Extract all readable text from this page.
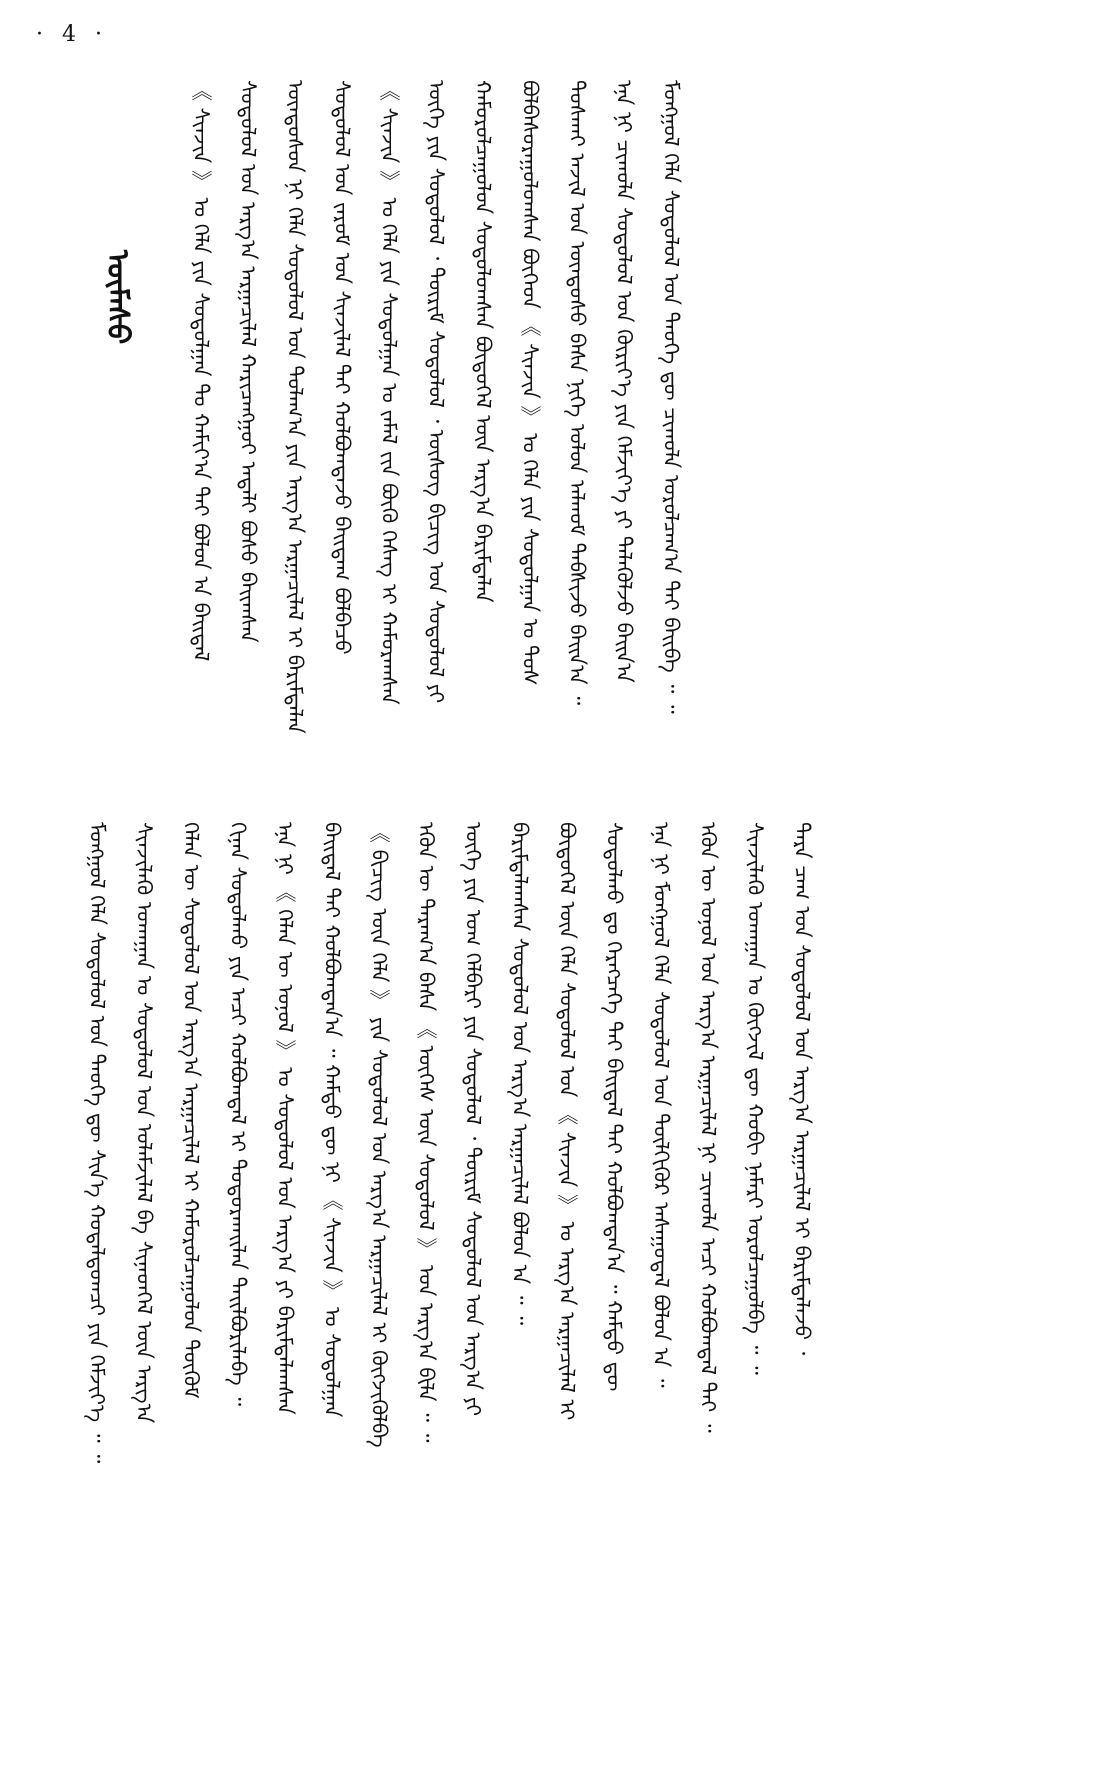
· 4 ·
ᠥᠮᠡᠰᠦ	《 ᠰᠢᠨᠵᠢᠨ 》 ᠤ ᠬᠡᠯᠡ ᠶᠢᠨ ᠰᠤᠳᠤᠯᠭᠠᠨ ᠲᠤ ᠬᠠᠮᠢᠶ᠎ᠠ ᠲᠠᠢ ᠪᠤᠯᠤᠨ ᠠ ᠪᠠᠢᠳᠠᠯ	ᠰᠤᠳᠤᠯᠤᠯ ᠤᠨ ᠠᠷᠭ᠎ᠠ ᠠᠷᠭᠠᠴᠢᠯᠠᠯ ᠬᠠᠷᠢᠴᠠᠩᠭᠤᠢ ᠠᠳᠠᠯᠢ ᠪᠤᠰᠤ ᠪᠠᠢᠭᠰᠠᠨ	ᠥᠨᠳᠦᠰᠦᠨ ᠨᠢ ᠬᠡᠯᠡ ᠰᠤᠳᠤᠯᠤᠯ ᠤᠨ ᠲᠤᠯᠠᠭ᠎ᠠ ᠶᠢᠨ ᠠᠷᠭ᠎ᠠ ᠠᠷᠭᠠᠴᠢᠯᠠᠯ ᠢ ᠪᠠᠷᠢᠮᠲᠠᠯᠠᠨ	ᠰᠤᠳᠤᠯᠤᠯ ᠤᠨ ᠵᠠᠷᠤᠮ ᠤᠨ ᠰᠢᠨᠵᠢᠯᠡᠯ ᠲᠡᠢ ᠬᠣᠯᠪᠤᠭᠳᠠᠵᠤ ᠪᠠᠢᠳᠠᠭ ᠪᠣᠯᠪᠠᠴᠤ	《 ᠰᠢᠨᠵᠢᠨ 》 ᠤ ᠬᠡᠯᠡ ᠶᠢᠨ ᠰᠤᠳᠤᠯᠭᠠᠨ ᠤ ᠵᠠᠮᠠᠯ ᠵᠢᠨ ᠪᠦᠬᠦ ᠬᠡᠰᠡᠭ ᠢ ᠬᠠᠮᠤᠷᠠᠭᠰᠠᠨ	ᠦᠭᠡ ᠶᠢᠨ ᠰᠤᠳᠤᠯᠤᠯ ᠂ ᠳᠦᠷᠢᠮ ᠰᠤᠳᠤᠯᠤᠯ ᠂ ᠦᠰᠦᠭ ᠪᠢᠴᠢᠭ ᠤᠨ ᠰᠤᠳᠤᠯᠤᠯ ᠶᠢ	ᠬᠠᠮᠤᠷᠤᠯᠴᠠᠭᠤᠯᠤᠨ ᠰᠤᠳᠤᠯᠤᠭᠰᠠᠨ ᠪᠦᠲᠦᠭᠡᠯ ᠦᠨ ᠠᠷᠭ᠎ᠠ ᠪᠠᠷᠢᠮᠲᠠᠯᠠᠨ	ᠪᠣᠯᠪᠠᠰᠤᠷᠠᠭᠤᠯᠤᠭᠰᠠᠨ ᠪᠦᠭᠡᠳ 《 ᠰᠢᠨᠵᠢᠨ 》 ᠤ ᠬᠡᠯᠡ ᠶᠢᠨ ᠰᠤᠳᠤᠯᠭᠠᠨ ᠤ ᠲᠤᠰ	ᠲᠤᠰᠬᠠᠢ ᠠᠵᠢᠯ ᠤᠨ ᠥᠨᠳᠦᠰᠦ ᠪᠠᠰᠠ ᠨᠢᠭᠡ ᠤᠯᠤᠨ ᠠᠯᠬᠤᠮ ᠳᠡᠪᠰᠢᠵᠦ ᠪᠠᠢᠨ᠎ᠠ ᠃	ᠡᠨᠡ ᠨᠢ ᠴᠢᠬᠤᠯᠠ ᠰᠤᠳᠤᠯᠤᠯ ᠤᠨ ᠬᠦᠷᠢᠶ᠎ᠡ ᠶᠢᠨ ᠬᠡᠮᠵᠢᠶ᠎ᠡ ᠶᠢ ᠲᠡᠯᠡᠭᠦᠯᠵᠦ ᠪᠠᠢᠨ᠎ᠠ	ᠮᠣᠩᠭᠣᠯ ᠬᠡᠯᠡ ᠰᠤᠳᠤᠯᠤᠯ ᠤᠨ ᠲᠡᠦᠬᠡ ᠳᠦ ᠴᠢᠬᠤᠯᠠ ᠤᠷᠤᠯᠴᠠᠭ᠎ᠠ ᠲᠠᠢ ᠪᠠᠢᠪᠠ ᠃ ᠃
ᠮᠣᠩᠭᠣᠯ ᠬᠡᠯᠡ ᠰᠤᠳᠤᠯᠤᠯ ᠤᠨ ᠲᠡᠦᠬᠡ ᠳᠦ ᠰᠢᠨ᠎ᠡ ᠬᠤᠳᠠᠯᠳᠤᠭᠴᠢ ᠶᠢᠨ ᠬᠡᠮᠵᠢᠶ᠎ᠡ ᠃ ᠃	ᠰᠢᠨᠵᠢᠯᠡᠬᠦ ᠤᠬᠠᠭᠠᠨ ᠤ ᠰᠤᠳᠤᠯᠤᠯ ᠤᠨ ᠤᠯᠠᠮᠵᠢᠯᠠᠯ ᠪᠠ ᠰᠢᠨᠡᠳᠭᠡᠯ ᠦᠨ ᠠᠷᠭ᠎ᠠ	ᠬᠡᠯᠡᠨ ᠦ ᠰᠤᠳᠤᠯᠤᠯ ᠤᠨ ᠠᠷᠭ᠎ᠠ ᠠᠷᠭᠠᠴᠢᠯᠠᠯ ᠢ ᠬᠠᠮᠤᠷᠤᠯᠴᠠᠭᠤᠯᠤᠨ ᠳᠦᠭᠦᠮ	ᠬᠢᠨᠠᠨ ᠰᠤᠳᠤᠯᠬᠤ ᠶᠢᠨ ᠠᠴᠢ ᠬᠣᠯᠪᠣᠭᠳᠠᠯ ᠢ ᠲᠣᠳᠣᠷᠬᠠᠢᠯᠠᠨ ᠲᠠᠢᠯᠪᠤᠷᠢᠯᠠᠪᠠ ᠃	ᠡᠨᠡ ᠨᠢ 《 ᠬᠡᠯᠡᠨ ᠦ ᠣᠨᠣᠯ 》 ᠤ ᠰᠤᠳᠤᠯᠤᠯ ᠤᠨ ᠠᠷᠭ᠎ᠠ ᠶᠢ ᠪᠠᠷᠢᠮᠲᠠᠯᠠᠭᠰᠠᠨ	ᠪᠠᠢᠳᠠᠯ ᠲᠠᠢ ᠬᠣᠯᠪᠣᠭᠳᠠᠨ᠎ᠠ ᠃ ᠬᠠᠮᠲᠤ ᠳᠦ ᠨᠢ 《 ᠰᠢᠨᠵᠢᠨ 》 ᠤ ᠰᠤᠳᠤᠯᠭᠠᠨ	《 ᠪᠢᠴᠢᠭ ᠦᠨ ᠬᠡᠯᠡ 》 ᠶᠢᠨ ᠰᠤᠳᠤᠯᠤᠯ ᠤᠨ ᠠᠷᠭ᠎ᠠ ᠠᠷᠭᠠᠴᠢᠯᠠᠯ ᠢ ᠬᠥᠭᠵᠢᠭᠦᠯᠪᠡ	ᠡᠭᠦᠨ ᠦ ᠳᠠᠷᠠᠭ᠎ᠠ ᠪᠠᠰᠠ 《 ᠦᠭᠡᠰ ᠦᠨ ᠰᠤᠳᠤᠯᠤᠯ 》 ᠤᠨ ᠠᠷᠭ᠎ᠠ ᠪᠢᠯᠡ ᠃ ᠃	ᠦᠭᠡ ᠶᠢᠨ ᠤᠭ ᠬᠡᠯᠪᠡᠷᠢ ᠶᠢᠨ ᠰᠤᠳᠤᠯᠤᠯ ᠂ ᠳᠦᠷᠢᠮ ᠰᠤᠳᠤᠯᠤᠯ ᠤᠨ ᠠᠷᠭ᠎ᠠ ᠶᠢ	ᠪᠠᠷᠢᠮᠲᠠᠯᠠᠭᠰᠠᠨ ᠰᠤᠳᠤᠯᠤᠯ ᠤᠨ ᠠᠷᠭ᠎ᠠ ᠠᠷᠭᠠᠴᠢᠯᠠᠯ ᠪᠣᠯᠤᠨ ᠠ ᠃ ᠃	ᠪᠦᠲᠦᠭᠡᠯ ᠦᠨ ᠬᠡᠯᠡ ᠰᠤᠳᠤᠯᠤᠯ ᠤᠨ 《 ᠰᠢᠨᠵᠢᠨ 》 ᠤ ᠠᠷᠭ᠎ᠠ ᠠᠷᠭᠠᠴᠢᠯᠠᠯ ᠢ	ᠰᠤᠳᠤᠯᠬᠤ ᠳᠤ ᠬᠡᠷᠡᠭᠴᠡᠭᠡ ᠲᠠᠢ ᠪᠠᠢᠳᠠᠯ ᠲᠠᠢ ᠬᠣᠯᠪᠣᠭᠳᠠᠨ᠎ᠠ ᠃ ᠬᠠᠮᠲᠤ ᠳᠦ	ᠡᠨᠡ ᠨᠢ ᠮᠣᠩᠭᠣᠯ ᠬᠡᠯᠡ ᠰᠤᠳᠤᠯᠤᠯ ᠤᠨ ᠲᠦᠯᠬᠢᠭᠦᠷ ᠠᠰᠠᠭᠤᠳᠠᠯ ᠪᠣᠯᠤᠨ ᠠ ᠃	ᠡᠭᠦᠨ ᠦ ᠣᠨᠣᠯ ᠤᠨ ᠠᠷᠭ᠎ᠠ ᠠᠷᠭᠠᠴᠢᠯᠠᠯ ᠨᠢ ᠴᠢᠬᠤᠯᠠ ᠠᠴᠢ ᠬᠣᠯᠪᠣᠭᠳᠠᠯ ᠲᠠᠢ ᠃	ᠰᠢᠨᠵᠢᠯᠡᠬᠦ ᠤᠬᠠᠭᠠᠨ ᠤ ᠬᠥᠭᠵᠢᠯ ᠳᠦ ᠬᠤᠪᠢ ᠨᠡᠮᠡᠷᠢ ᠤᠷᠤᠯᠴᠠᠭᠤᠯᠪᠠ ᠃ ᠃	ᠲᠡᠷᠡ ᠴᠠᠭ ᠤᠨ ᠰᠤᠳᠤᠯᠤᠯ ᠤᠨ ᠠᠷᠭ᠎ᠠ ᠠᠷᠭᠠᠴᠢᠯᠠᠯ ᠢ ᠪᠠᠷᠢᠮᠲᠠᠯᠠᠵᠤ ᠂
